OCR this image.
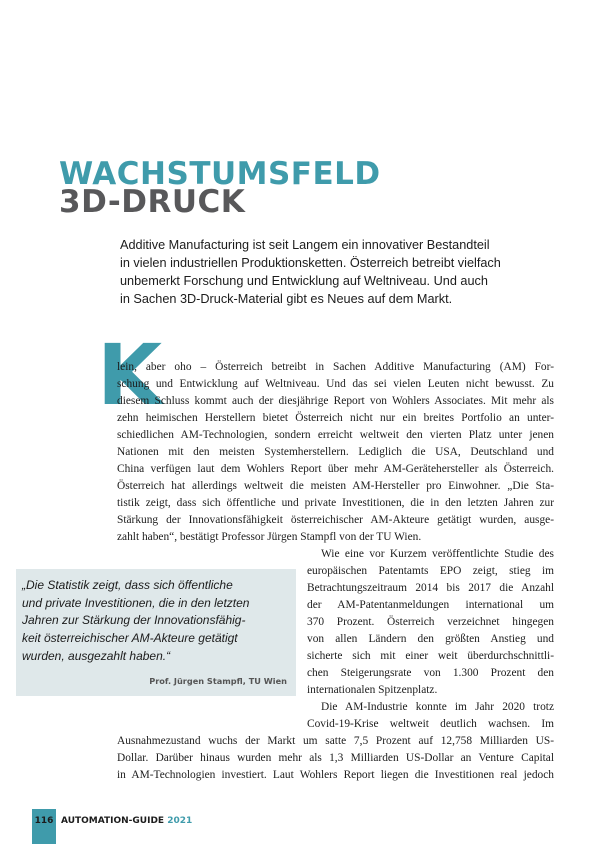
WACHSTUMSFELD
3D-DRUCK

Additive Manufacturing ist seit Langem ein innovativer Bestandteil
in vielen industriellen Produktionsketten. Österreich betreibt vielfach
unbemerkt Forschung und Entwicklung auf Weltniveau. Und auch
in Sachen 3D-Druck-Material gibt es Neues auf dem Markt.

K
lein, aber oho – Österreich betreibt in Sachen Additive Manufacturing (AM) For-
schung und Entwicklung auf Weltniveau. Und das sei vielen Leuten nicht bewusst. Zu
diesem Schluss kommt auch der diesjährige Report von Wohlers Associates. Mit mehr als
zehn heimischen Herstellern bietet Österreich nicht nur ein breites Portfolio an unter-
schiedlichen AM-Technologien, sondern erreicht weltweit den vierten Platz unter jenen
Nationen mit den meisten Systemherstellern. Lediglich die USA, Deutschland und
China verfügen laut dem Wohlers Report über mehr AM-Gerätehersteller als Österreich.
Österreich hat allerdings weltweit die meisten AM-Hersteller pro Einwohner. „Die Sta-
tistik zeigt, dass sich öffentliche und private Investitionen, die in den letzten Jahren zur
Stärkung der Innovationsfähigkeit österreichischer AM-Akteure getätigt wurden, ausge-
zahlt haben“, bestätigt Professor Jürgen Stampfl von der TU Wien.
Wie eine vor Kurzem veröffentlichte Studie des
europäischen Patentamts EPO zeigt, stieg im
Betrachtungszeitraum 2014 bis 2017 die Anzahl
der AM-Patentanmeldungen international um
370 Prozent. Österreich verzeichnet hingegen
von allen Ländern den größten Anstieg und
sicherte sich mit einer weit überdurchschnittli-
chen Steigerungsrate von 1.300 Prozent den
internationalen Spitzenplatz.
Die AM-Industrie konnte im Jahr 2020 trotz
Covid-19-Krise weltweit deutlich wachsen. Im
Ausnahmezustand wuchs der Markt um satte 7,5 Prozent auf 12,758 Milliarden US-
Dollar. Darüber hinaus wurden mehr als 1,3 Milliarden US-Dollar an Venture Capital
in AM-Technologien investiert. Laut Wohlers Report liegen die Investitionen real jedoch

„Die Statistik zeigt, dass sich öffentliche
und private Investitionen, die in den letzten
Jahren zur Stärkung der Innovationsfähig-
keit österreichischer AM-Akteure getätigt
wurden, ausgezahlt haben.“

Prof. Jürgen Stampfl, TU Wien

116 AUTOMATION-GUIDE 2021
